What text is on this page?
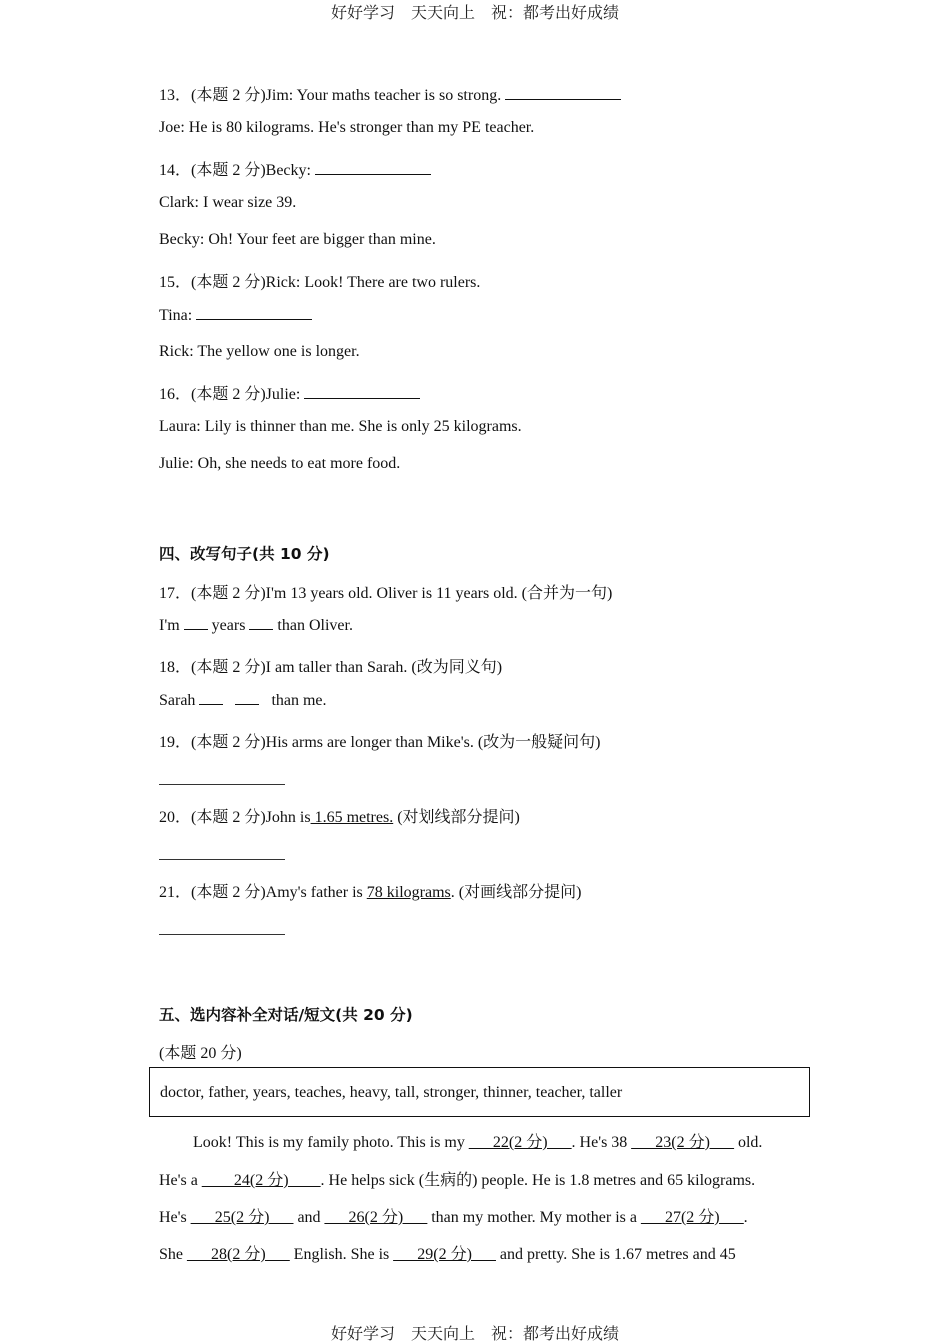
好好学习　天天向上　祝：都考出好成绩
13．(本题 2 分)Jim: Your maths teacher is so strong.
Joe: He is 80 kilograms. He's stronger than my PE teacher.
14．(本题 2 分)Becky:
Clark: I wear size 39.
Becky: Oh! Your feet are bigger than mine.
15．(本题 2 分)Rick: Look! There are two rulers.
Tina:
Rick: The yellow one is longer.
16．(本题 2 分)Julie:
Laura: Lily is thinner than me. She is only 25 kilograms.
Julie: Oh, she needs to eat more food.
四、改写句子(共 10 分)
17．(本题 2 分)I'm 13 years old. Oliver is 11 years old. (合并为一句)
I'm years than Oliver.
18．(本题 2 分)I am taller than Sarah. (改为同义句)
Sarah	than me.
19．(本题 2 分)His arms are longer than Mike's. (改为一般疑问句)
20．(本题 2 分)John is 1.65 metres. (对划线部分提问)
21．(本题 2 分)Amy's father is 78 kilograms. (对画线部分提问)
五、选内容补全对话/短文(共 20 分)
(本题 20 分)
doctor, father, years, teaches, heavy, tall, stronger, thinner, teacher, taller
Look! This is my family photo. This is my ___22(2 分)___. He's 38 ___23(2 分)___ old.
He's a ____24(2 分)____. He helps sick (生病的) people. He is 1.8 metres and 65 kilograms.
He's ___25(2 分)___ and ___26(2 分)___ than my mother. My mother is a ___27(2 分)___.
She ___28(2 分)___ English. She is ___29(2 分)___ and pretty. She is 1.67 metres and 45
好好学习　天天向上　祝：都考出好成绩
